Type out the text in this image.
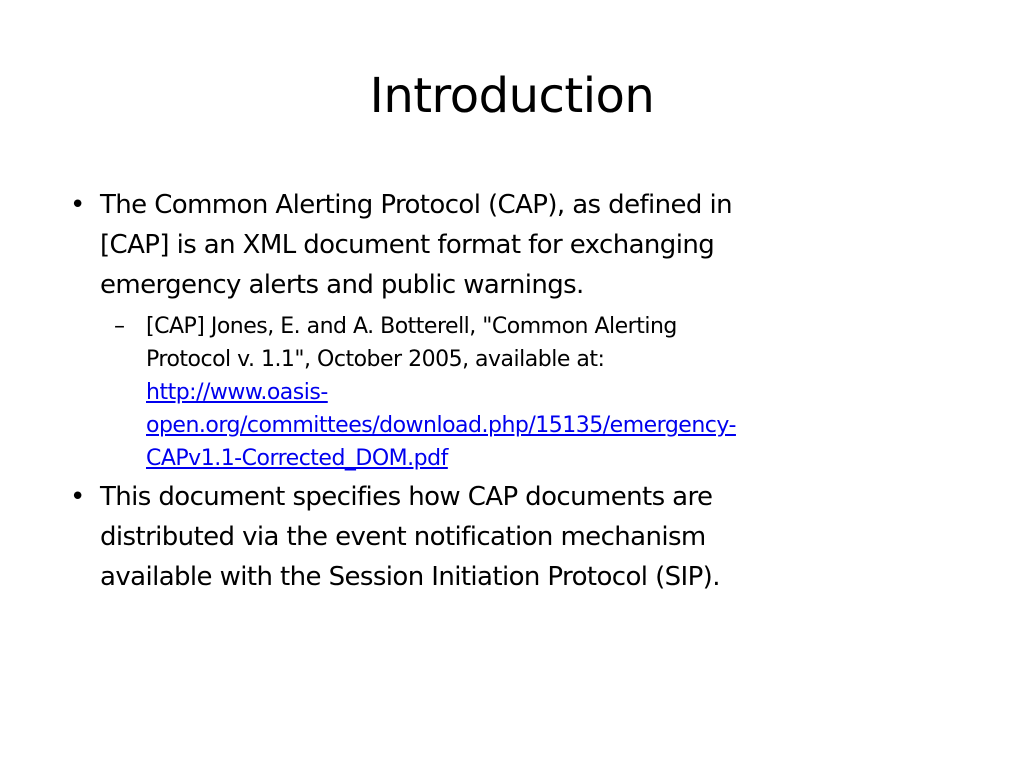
Introduction
• The Common Alerting Protocol (CAP), as defined in
[CAP] is an XML document format for exchanging
emergency alerts and public warnings.
– [CAP] Jones, E. and A. Botterell, "Common Alerting
Protocol v. 1.1", October 2005, available at:
http://www.oasis-
open.org/committees/download.php/15135/emergency-
CAPv1.1-Corrected_DOM.pdf
• This document specifies how CAP documents are
distributed via the event notification mechanism
available with the Session Initiation Protocol (SIP).
